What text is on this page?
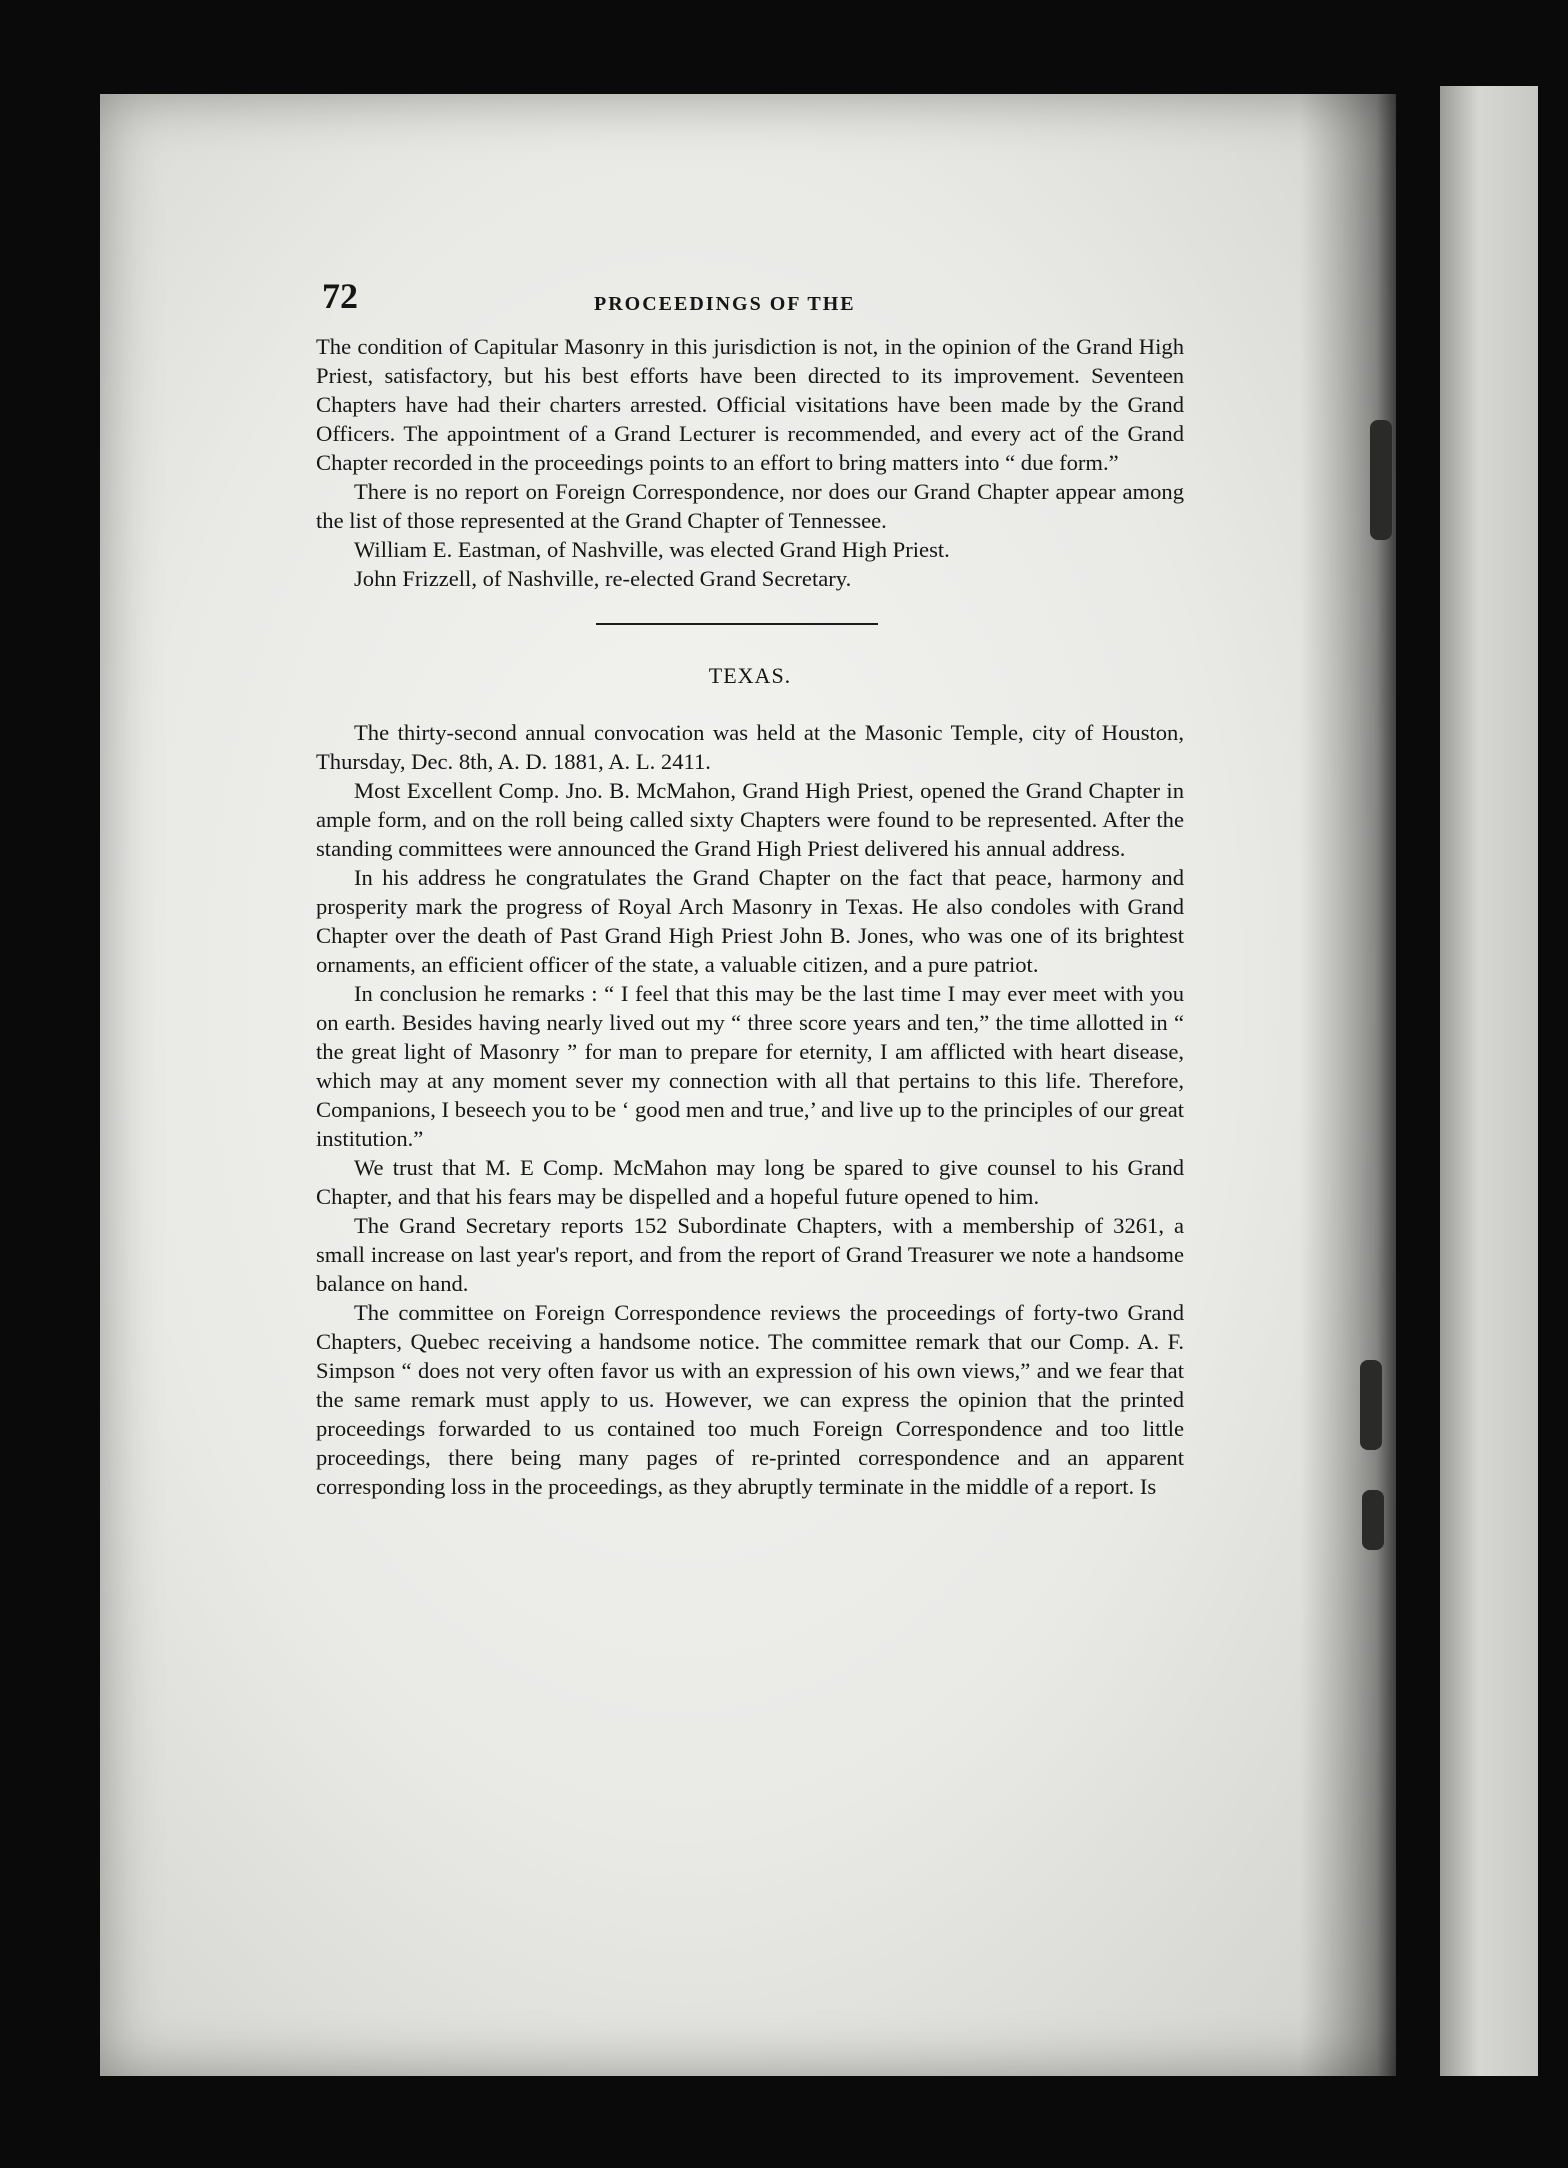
72	PROCEEDINGS OF THE

The condition of Capitular Masonry in this jurisdiction is not, in the opinion of the Grand High Priest, satisfactory, but his best efforts have been directed to its improvement. Seventeen Chapters have had their charters arrested. Official visitations have been made by the Grand Officers. The appointment of a Grand Lecturer is recommended, and every act of the Grand Chapter recorded in the proceedings points to an effort to bring matters into “ due form.”

There is no report on Foreign Correspondence, nor does our Grand Chapter appear among the list of those represented at the Grand Chapter of Tennessee.

William E. Eastman, of Nashville, was elected Grand High Priest.

John Frizzell, of Nashville, re-elected Grand Secretary.

TEXAS.

The thirty-second annual convocation was held at the Masonic Temple, city of Houston, Thursday, Dec. 8th, A. D. 1881, A. L. 2411.

Most Excellent Comp. Jno. B. McMahon, Grand High Priest, opened the Grand Chapter in ample form, and on the roll being called sixty Chapters were found to be represented. After the standing committees were announced the Grand High Priest delivered his annual address.

In his address he congratulates the Grand Chapter on the fact that peace, harmony and prosperity mark the progress of Royal Arch Masonry in Texas. He also condoles with Grand Chapter over the death of Past Grand High Priest John B. Jones, who was one of its brightest ornaments, an efficient officer of the state, a valuable citizen, and a pure patriot.

In conclusion he remarks : “ I feel that this may be the last time I may ever meet with you on earth. Besides having nearly lived out my “ three score years and ten,” the time allotted in “ the great light of Masonry ” for man to prepare for eternity, I am afflicted with heart disease, which may at any moment sever my connection with all that pertains to this life. Therefore, Companions, I beseech you to be ‘ good men and true,’ and live up to the principles of our great institution.”

We trust that M. E Comp. McMahon may long be spared to give counsel to his Grand Chapter, and that his fears may be dispelled and a hopeful future opened to him.

The Grand Secretary reports 152 Subordinate Chapters, with a membership of 3261, a small increase on last year's report, and from the report of Grand Treasurer we note a handsome balance on hand.

The committee on Foreign Correspondence reviews the proceedings of forty-two Grand Chapters, Quebec receiving a handsome notice. The committee remark that our Comp. A. F. Simpson “ does not very often favor us with an expression of his own views,” and we fear that the same remark must apply to us. However, we can express the opinion that the printed proceedings forwarded to us contained too much Foreign Correspondence and too little proceedings, there being many pages of re-printed correspondence and an apparent corresponding loss in the proceedings, as they abruptly terminate in the middle of a report. Is
